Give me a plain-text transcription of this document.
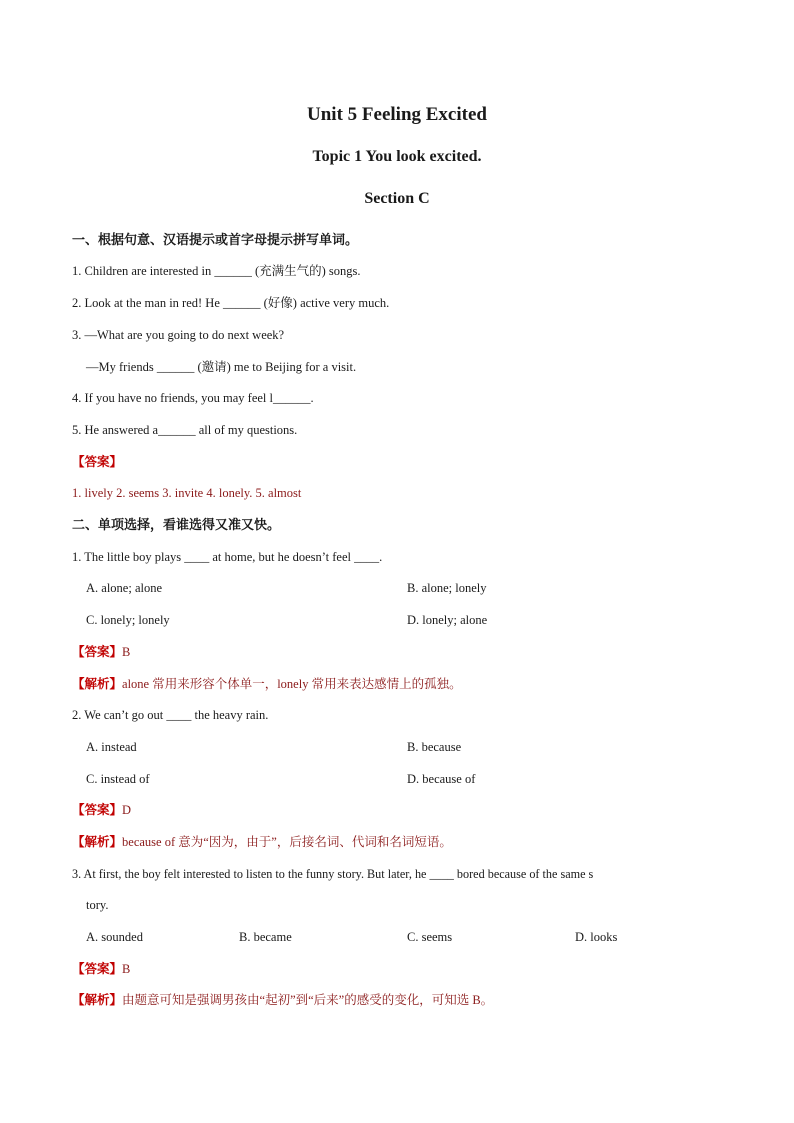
Unit 5 Feeling Excited
Topic 1 You look excited.
Section C
一、根据句意、汉语提示或首字母提示拼写单词。
1. Children are interested in ______ (充满生气的) songs.
2. Look at the man in red! He ______ (好像) active very much.
3. —What are you going to do next week?
—My friends ______ (邀请) me to Beijing for a visit.
4. If you have no friends, you may feel l______.
5. He answered a______ all of my questions.
【答案】
1. lively 2. seems 3. invite 4. lonely. 5. almost
二、单项选择，看谁选得又准又快。
1. The little boy plays ____ at home, but he doesn’t feel ____.
A. alone; alone	B. alone; lonely
C. lonely; lonely	D. lonely; alone
【答案】B
【解析】alone 常用来形容个体单一，lonely 常用来表达感情上的孤独。
2. We can’t go out ____ the heavy rain.
A. instead	B. because
C. instead of	D. because of
【答案】D
【解析】because of 意为“因为，由于”，后接名词、代词和名词短语。
3. At first, the boy felt interested to listen to the funny story. But later, he ____ bored because of the same s
tory.
A. sounded	B. became	C. seems	D. looks
【答案】B
【解析】由题意可知是强调男孩由“起初”到“后来”的感受的变化，可知选 B。
